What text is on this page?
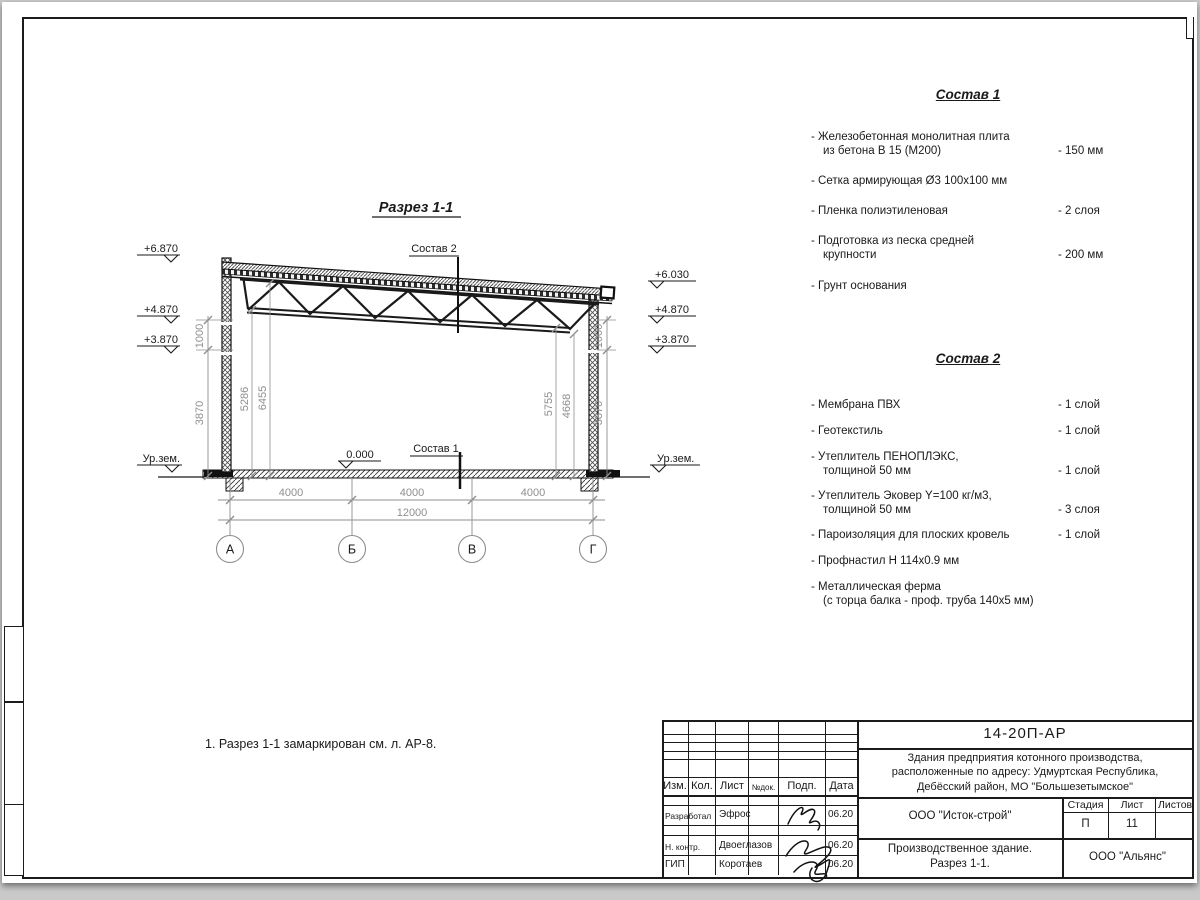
Разрез 1-1
+6.870
+4.870
+3.870
Ур.зем.
+6.030
+4.870
+3.870
Ур.зем.
0.000
Состав 2
Состав 1
А	Б	В	Г
4000	4000	4000
12000
1000
3870
5286 6455	5755 4668
1000
3870
Состав 1
- Железобетонная монолитная плита
из бетона В 15 (М200)	- 150 мм
- Сетка армирующая Ø3 100х100 мм
- Пленка полиэтиленовая	- 2 слоя
- Подготовка из песка средней
крупности	- 200 мм
- Грунт основания
Состав 2
- Мембрана ПВХ	- 1 слой
- Геотекстиль	- 1 слой
- Утеплитель ПЕНОПЛЭКС,
толщиной 50 мм	- 1 слой
- Утеплитель Эковер Y=100 кг/м3,
толщиной 50 мм	- 3 слоя
- Пароизоляция для плоских кровель	- 1 слой
- Профнастил Н 114х0.9 мм
- Металлическая ферма
(с торца балка - проф. труба 140х5 мм)
1. Разрез 1-1 замаркирован см. л. АР-8.
Изм. Кол. Лист №док.	Подп.	Дата
Разработал Эфрос	06.20
Н. контр. Двоеглазов	06.20
ГИП	Коротаев	06.20
14-20П-АР
Здания предприятия котонного производства,
расположенные по адресу: Удмуртская Республика,
Дебёсский район, МО "Большезетымское"
ООО "Исток-строй"
Стадия	Лист	Листов
П	11
Производственное здание.
Разрез 1-1.
ООО "Альянс"
